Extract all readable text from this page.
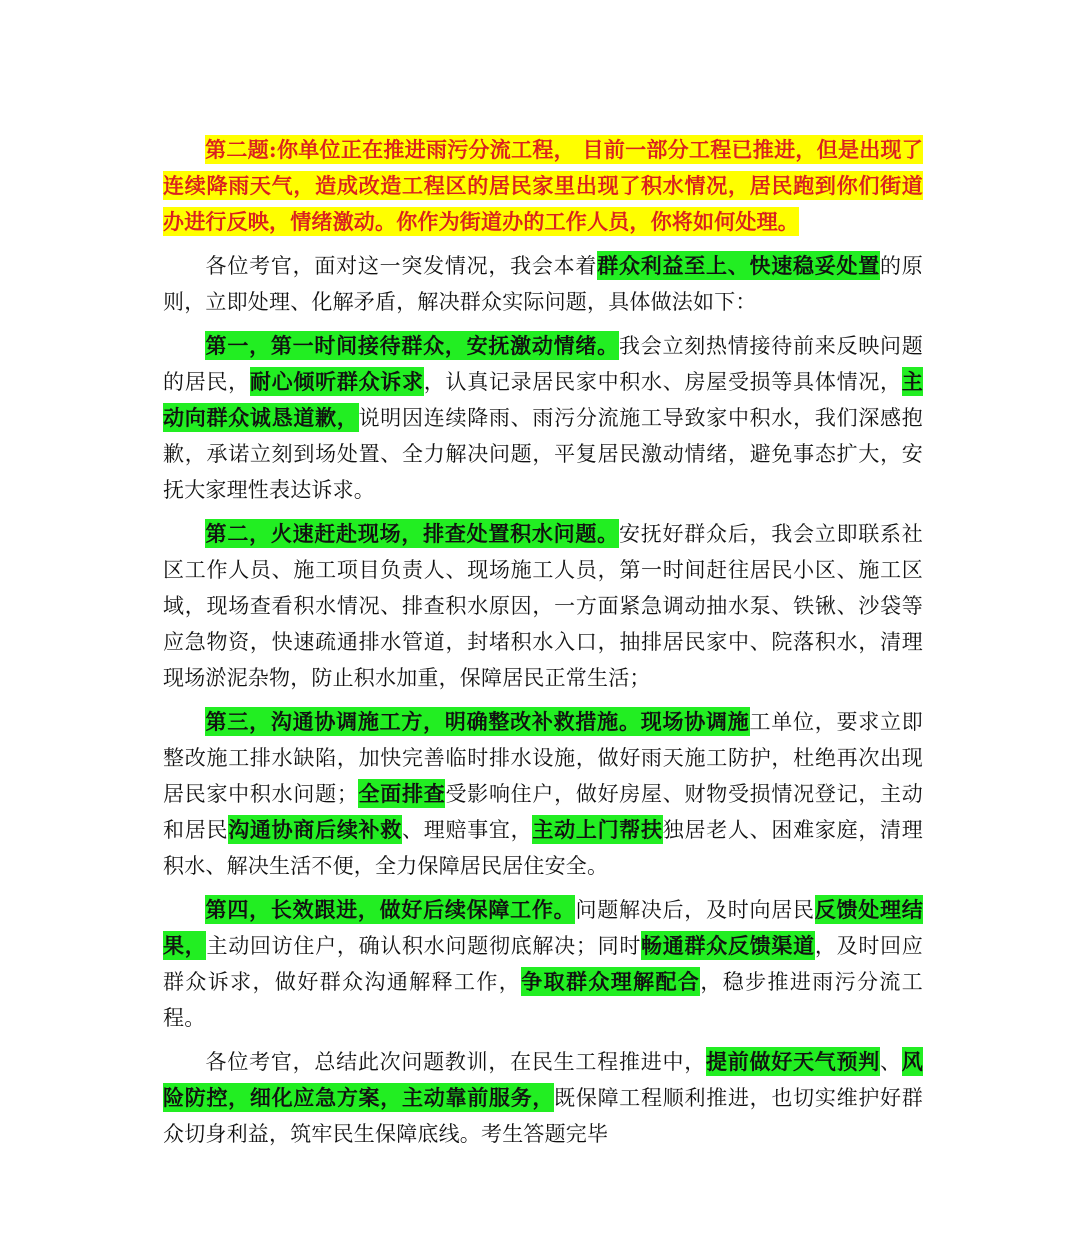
第二题:你单位正在推进雨污分流工程， 目前一部分工程已推进，但是出现了连续降雨天气，造成改造工程区的居民家里出现了积水情况，居民跑到你们街道办进行反映，情绪激动。你作为街道办的工作人员，你将如何处理。

各位考官，面对这一突发情况，我会本着群众利益至上、快速稳妥处置的原则，立即处理、化解矛盾，解决群众实际问题，具体做法如下：

第一，第一时间接待群众，安抚激动情绪。我会立刻热情接待前来反映问题的居民，耐心倾听群众诉求，认真记录居民家中积水、房屋受损等具体情况，主动向群众诚恳道歉，说明因连续降雨、雨污分流施工导致家中积水，我们深感抱歉，承诺立刻到场处置、全力解决问题，平复居民激动情绪，避免事态扩大，安抚大家理性表达诉求。

第二，火速赶赴现场，排查处置积水问题。安抚好群众后，我会立即联系社区工作人员、施工项目负责人、现场施工人员，第一时间赶往居民小区、施工区域，现场查看积水情况、排查积水原因，一方面紧急调动抽水泵、铁锹、沙袋等应急物资，快速疏通排水管道，封堵积水入口，抽排居民家中、院落积水，清理现场淤泥杂物，防止积水加重，保障居民正常生活；

第三，沟通协调施工方，明确整改补救措施。现场协调施工单位，要求立即整改施工排水缺陷，加快完善临时排水设施，做好雨天施工防护，杜绝再次出现居民家中积水问题；全面排查受影响住户，做好房屋、财物受损情况登记，主动和居民沟通协商后续补救、理赔事宜，主动上门帮扶独居老人、困难家庭，清理积水、解决生活不便，全力保障居民居住安全。

第四，长效跟进，做好后续保障工作。问题解决后，及时向居民反馈处理结果，主动回访住户，确认积水问题彻底解决；同时畅通群众反馈渠道，及时回应群众诉求，做好群众沟通解释工作，争取群众理解配合，稳步推进雨污分流工程。

各位考官，总结此次问题教训，在民生工程推进中，提前做好天气预判、风险防控，细化应急方案，主动靠前服务，既保障工程顺利推进，也切实维护好群众切身利益，筑牢民生保障底线。考生答题完毕
